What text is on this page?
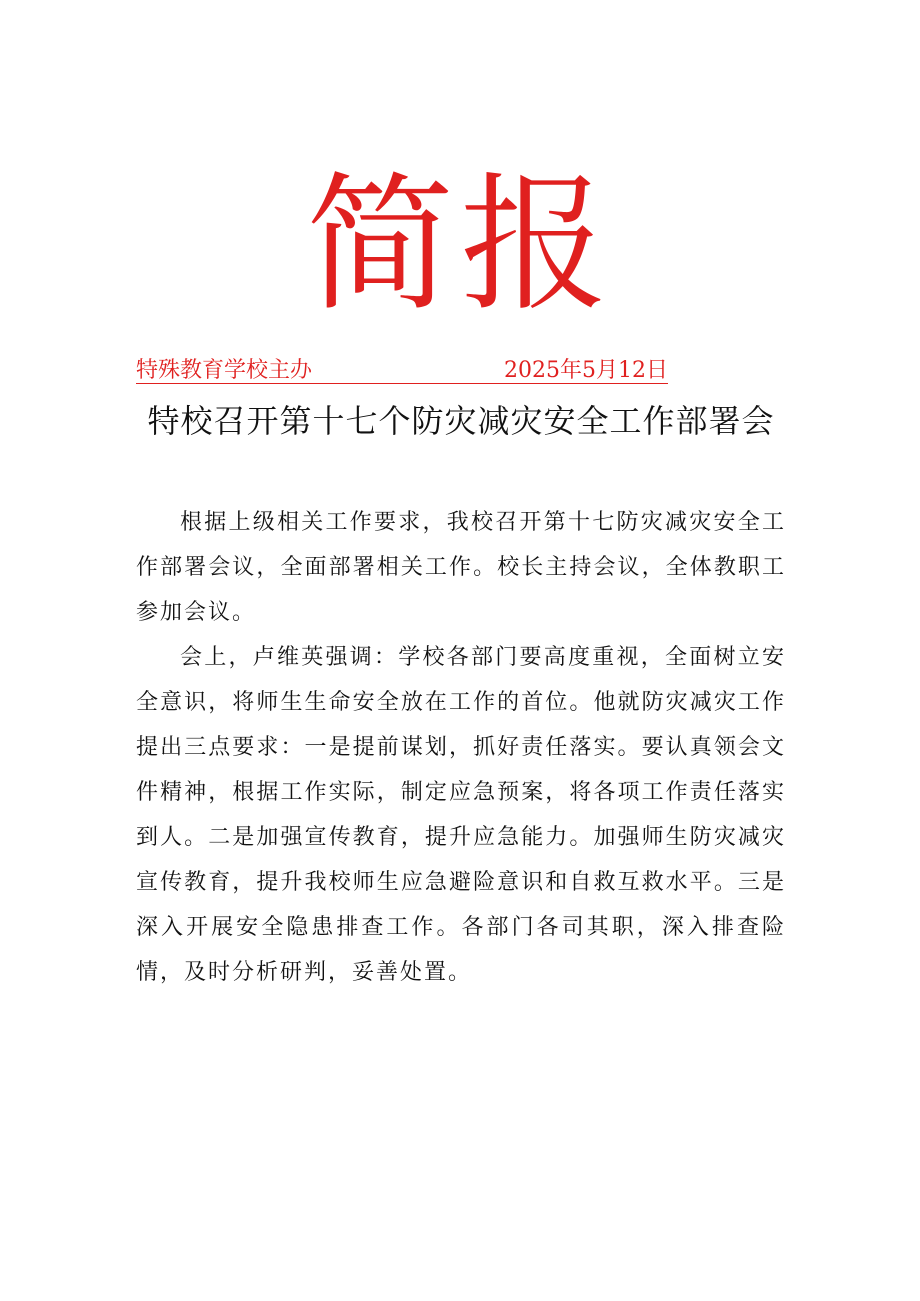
简报
特殊教育学校主办	2025年5月12日
特校召开第十七个防灾减灾安全工作部署会

根据上级相关工作要求，我校召开第十七防灾减灾安全工作部署会议，全面部署相关工作。校长主持会议，全体教职工参加会议。

会上，卢维英强调：学校各部门要高度重视，全面树立安全意识，将师生生命安全放在工作的首位。他就防灾减灾工作提出三点要求：一是提前谋划，抓好责任落实。要认真领会文件精神，根据工作实际，制定应急预案，将各项工作责任落实到人。二是加强宣传教育，提升应急能力。加强师生防灾减灾宣传教育，提升我校师生应急避险意识和自救互救水平。三是深入开展安全隐患排查工作。各部门各司其职，深入排查险情，及时分析研判，妥善处置。
